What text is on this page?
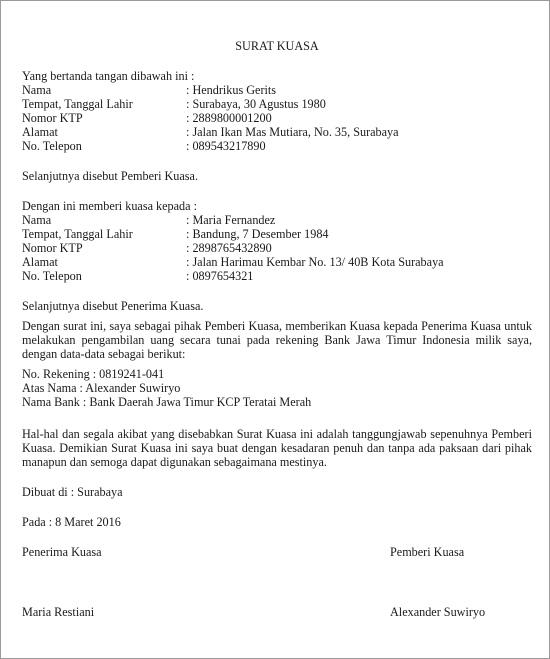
SURAT KUASA

Yang bertanda tangan dibawah ini :

Nama	: Hendrikus Gerits
Tempat, Tanggal Lahir	: Surabaya, 30 Agustus 1980
Nomor KTP	: 2889800001200
Alamat	: Jalan Ikan Mas Mutiara, No. 35, Surabaya
No. Telepon	: 089543217890

Selanjutnya disebut Pemberi Kuasa.

Dengan ini memberi kuasa kepada :

Nama	: Maria Fernandez
Tempat, Tanggal Lahir	: Bandung, 7 Desember 1984
Nomor KTP	: 2898765432890
Alamat	: Jalan Harimau Kembar No. 13/ 40B Kota Surabaya
No. Telepon	: 0897654321

Selanjutnya disebut Penerima Kuasa.

Dengan surat ini, saya sebagai pihak Pemberi Kuasa, memberikan Kuasa kepada Penerima Kuasa untuk melakukan pengambilan uang secara tunai pada rekening Bank Jawa Timur Indonesia milik saya, dengan data-data sebagai berikut:

No. Rekening : 0819241-041

Atas Nama : Alexander Suwiryo

Nama Bank : Bank Daerah Jawa Timur KCP Teratai Merah

Hal-hal dan segala akibat yang disebabkan Surat Kuasa ini adalah tanggungjawab sepenuhnya Pemberi Kuasa. Demikian Surat Kuasa ini saya buat dengan kesadaran penuh dan tanpa ada paksaan dari pihak manapun dan semoga dapat digunakan sebagaimana mestinya.

Dibuat di : Surabaya

Pada : 8 Maret 2016

Penerima Kuasa	Pemberi Kuasa
Maria Restiani	Alexander Suwiryo
